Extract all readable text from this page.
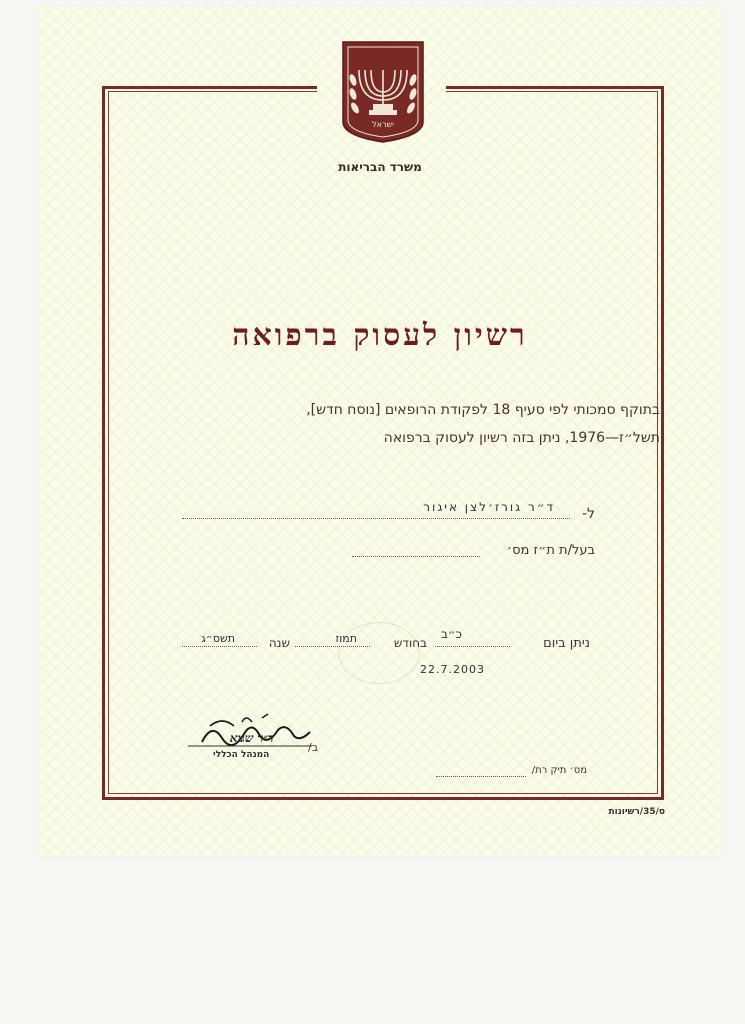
ישראל
משרד הבריאות
רשיון לעסוק ברפואה
בתוקף סמכותי לפי סעיף 18 לפקודת הרופאים [נוסח חדש],
תשל״ז—1976, ניתן בזה רשיון לעסוק ברפואה
ל-
ד״ר גורז׳לצן איגור
בעל/ת ת״ז מס׳
ניתן ביום
כ״ב
בחודש
תמוז
שנה
תשס״ג
22.7.2003
ד״ר שגיא
ב/
המנהל הכללי
מס׳ תיק רת/
ס/35/רשיונות
